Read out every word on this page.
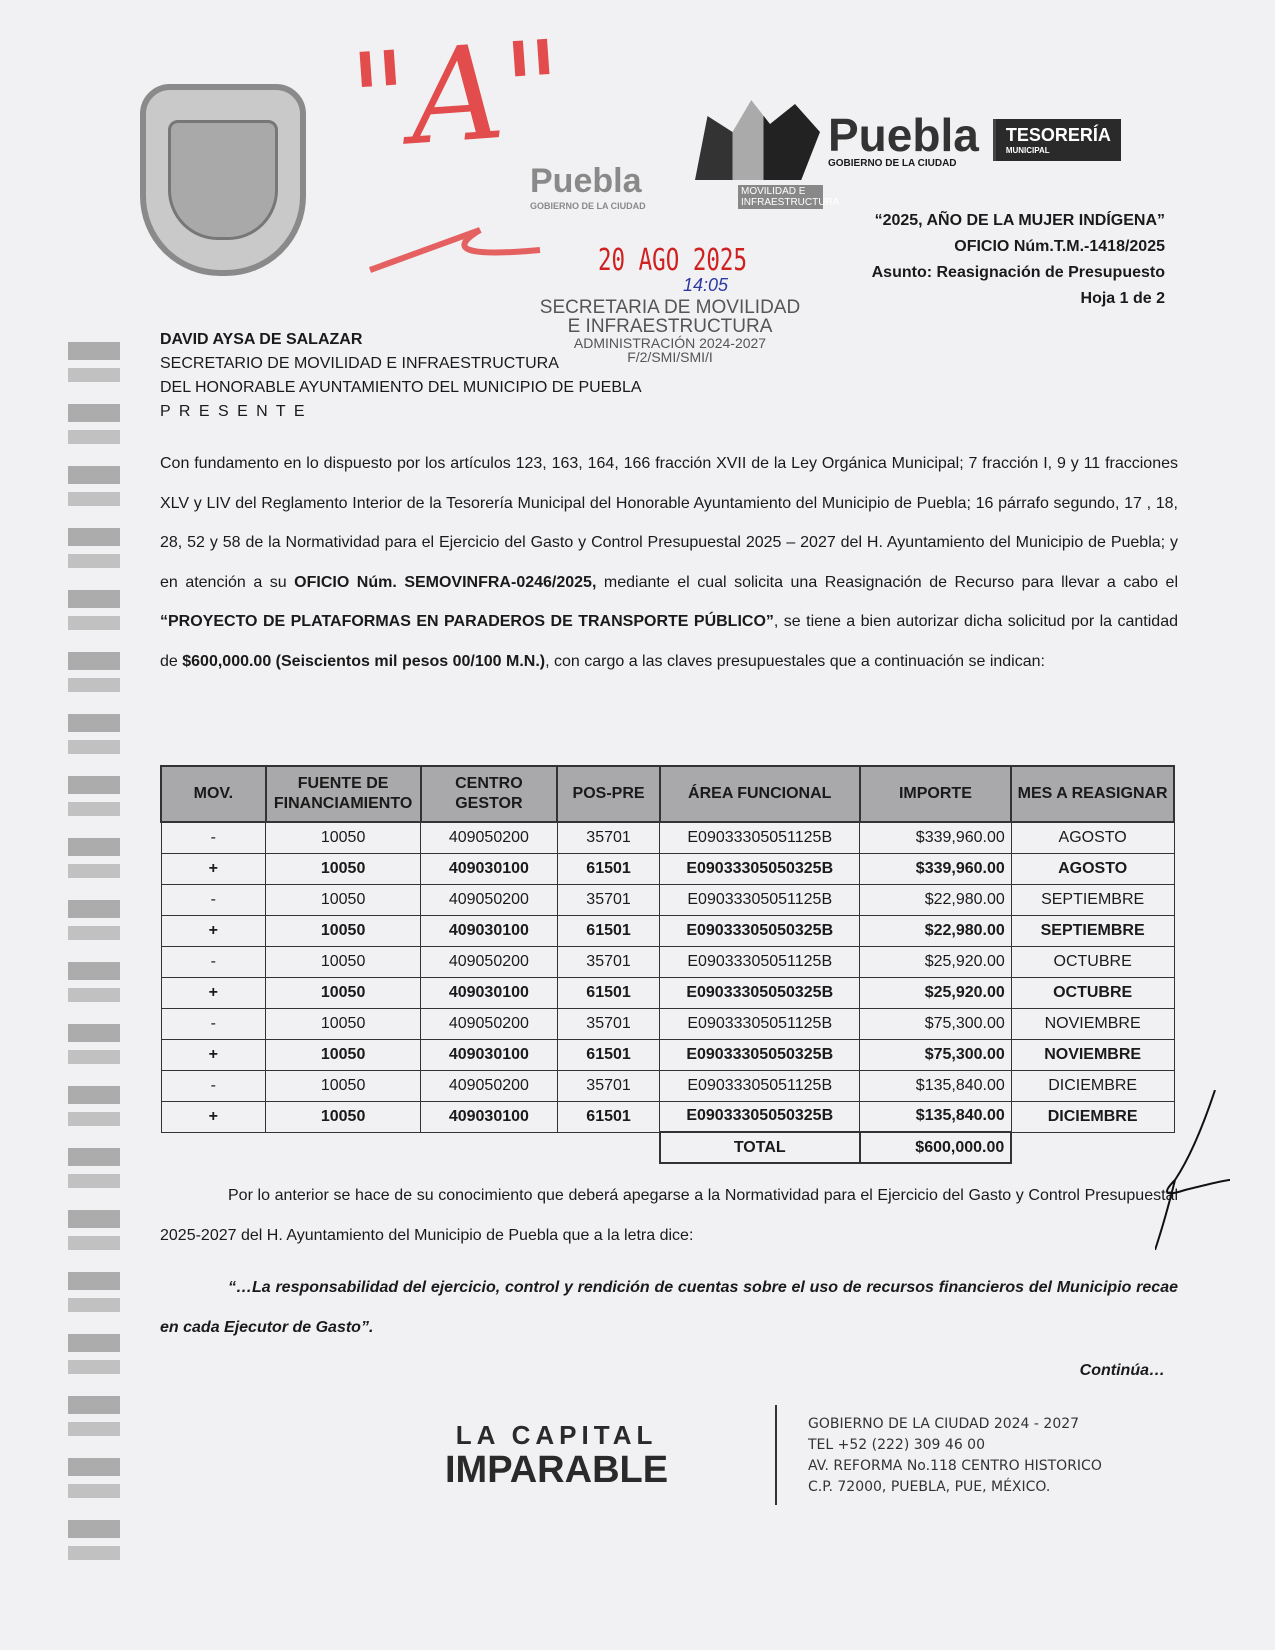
"A"
Puebla
GOBIERNO DE LA CIUDAD
MOVILIDAD E INFRAESTRUCTURA
Puebla
GOBIERNO DE LA CIUDAD
TESORERÍA
MUNICIPAL
“2025, AÑO DE LA MUJER INDÍGENA”
OFICIO Núm.T.M.-1418/2025
Asunto: Reasignación de Presupuesto
Hoja 1 de 2
20 AGO 2025
14:05
SECRETARIA DE MOVILIDAD
E INFRAESTRUCTURA
ADMINISTRACIÓN 2024-2027
F/2/SMI/SMI/I
DAVID AYSA DE SALAZAR
SECRETARIO DE MOVILIDAD E INFRAESTRUCTURA
DEL HONORABLE AYUNTAMIENTO DEL MUNICIPIO DE PUEBLA
P R E S E N T E
Con fundamento en lo dispuesto por los artículos 123, 163, 164, 166 fracción XVII de la Ley Orgánica Municipal; 7 fracción I, 9 y 11 fracciones XLV y LIV del Reglamento Interior de la Tesorería Municipal del Honorable Ayuntamiento del Municipio de Puebla; 16 párrafo segundo, 17 , 18, 28, 52 y 58 de la Normatividad para el Ejercicio del Gasto y Control Presupuestal 2025 – 2027 del H. Ayuntamiento del Municipio de Puebla; y en atención a su OFICIO Núm. SEMOVINFRA-0246/2025, mediante el cual solicita una Reasignación de Recurso para llevar a cabo el “PROYECTO DE PLATAFORMAS EN PARADEROS DE TRANSPORTE PÚBLICO”, se tiene a bien autorizar dicha solicitud por la cantidad de $600,000.00 (Seiscientos mil pesos 00/100 M.N.), con cargo a las claves presupuestales que a continuación se indican:
MOV.	FUENTE DE FINANCIAMIENTO	CENTRO GESTOR	POS-PRE	ÁREA FUNCIONAL	IMPORTE	MES A REASIGNAR
-	10050	409050200	35701	E09033305051125B	$339,960.00	AGOSTO
+	10050	409030100	61501	E09033305050325B	$339,960.00	AGOSTO
-	10050	409050200	35701	E09033305051125B	$22,980.00	SEPTIEMBRE
+	10050	409030100	61501	E09033305050325B	$22,980.00	SEPTIEMBRE
-	10050	409050200	35701	E09033305051125B	$25,920.00	OCTUBRE
+	10050	409030100	61501	E09033305050325B	$25,920.00	OCTUBRE
-	10050	409050200	35701	E09033305051125B	$75,300.00	NOVIEMBRE
+	10050	409030100	61501	E09033305050325B	$75,300.00	NOVIEMBRE
-	10050	409050200	35701	E09033305051125B	$135,840.00	DICIEMBRE
+	10050	409030100	61501	E09033305050325B	$135,840.00	DICIEMBRE
				TOTAL	$600,000.00	
Por lo anterior se hace de su conocimiento que deberá apegarse a la Normatividad para el Ejercicio del Gasto y Control Presupuestal 2025-2027 del H. Ayuntamiento del Municipio de Puebla que a la letra dice:
“…La responsabilidad del ejercicio, control y rendición de cuentas sobre el uso de recursos financieros del Municipio recae en cada Ejecutor de Gasto”.
Continúa…
LA CAPITAL
IMPARABLE
GOBIERNO DE LA CIUDAD 2024 - 2027
TEL +52 (222) 309 46 00
AV. REFORMA No.118 CENTRO HISTORICO
C.P. 72000, PUEBLA, PUE, MÉXICO.
